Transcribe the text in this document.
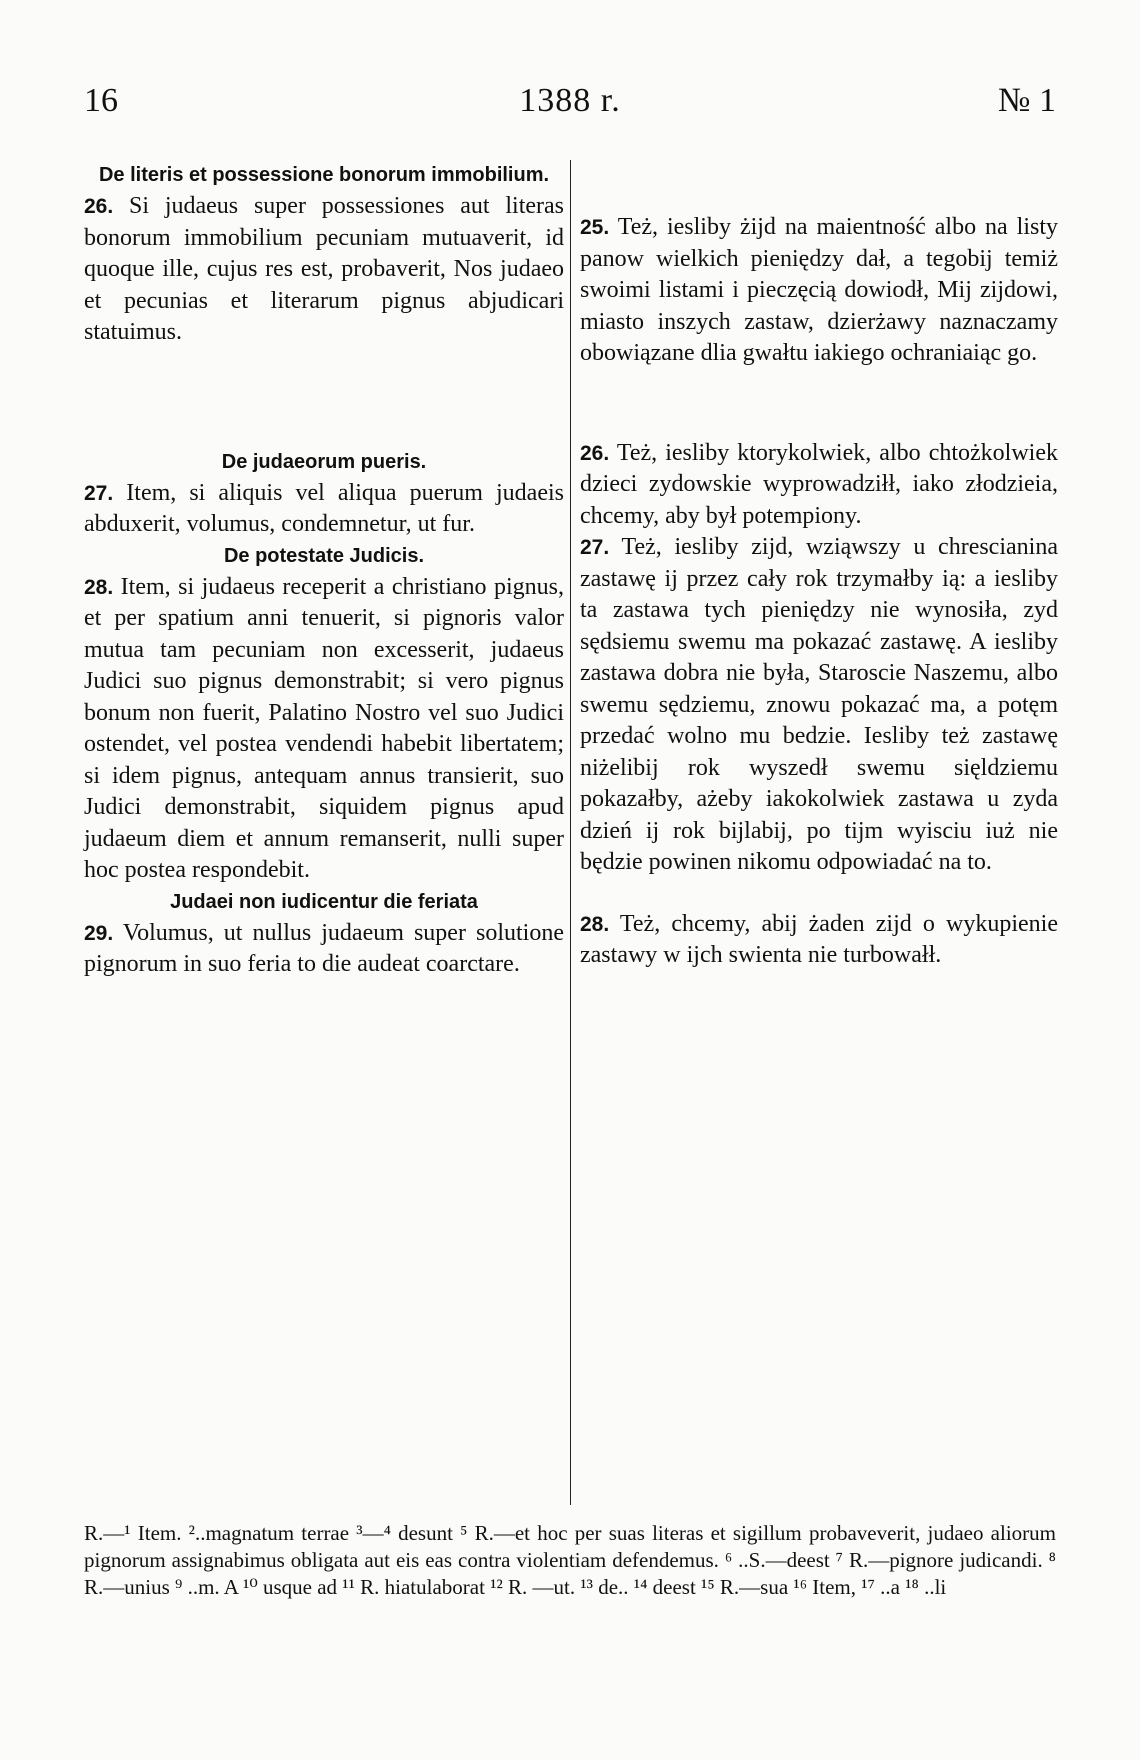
16	1388 r.	№ 1

De literis et possessione bonorum immobilium.

26. Si judaeus super possessiones aut literas bonorum immobilium pecuniam mutuaverit, id quoque ille, cujus res est, probaverit, Nos judaeo et pecunias et literarum pignus abjudicari statuimus.

De judaeorum pueris.

27. Item, si aliquis vel aliqua puerum judaeis abduxerit, volumus, condemnetur, ut fur.

De potestate Judicis.

28. Item, si judaeus receperit a christiano pignus, et per spatium anni tenuerit, si pignoris valor mutua tam pecuniam non excesserit, judaeus Judici suo pignus demonstrabit; si vero pignus bonum non fuerit, Palatino Nostro vel suo Judici ostendet, vel postea vendendi habebit libertatem; si idem pignus, antequam annus transierit, suo Judici demonstrabit, siquidem pignus apud judaeum diem et annum remanserit, nulli super hoc postea respondebit.

Judaei non iudicentur die feriata

29. Volumus, ut nullus judaeum super solutione pignorum in suo feria to die audeat coarctare.

25. Też, iesliby żijd na maientność albo na listy panow wielkich pieniędzy dał, a tegobij temiż swoimi listami i pieczęcią dowiodł, Mij zijdowi, miasto inszych zastaw, dzierżawy naznaczamy obowiązane dlia gwałtu iakiego ochraniaiąc go.

26. Też, iesliby ktorykolwiek, albo chtożkolwiek dzieci zydowskie wyprowadziłł, iako złodzieia, chcemy, aby był potempiony.

27. Też, iesliby zijd, wziąwszy u chrescianina zastawę ij przez cały rok trzymałby ią: a iesliby ta zastawa tych pieniędzy nie wynosiła, zyd sędsiemu swemu ma pokazać zastawę. A iesliby zastawa dobra nie była, Staroscie Naszemu, albo swemu sędziemu, znowu pokazać ma, a potęm przedać wolno mu bedzie. Iesliby też zastawę niżelibij rok wyszedł swemu sięldziemu pokazałby, ażeby iakokolwiek zastawa u zyda dzień ij rok bijlabij, po tijm wyisciu iuż nie będzie powinen nikomu odpowiadać na to.

28. Też, chcemy, abij żaden zijd o wykupienie zastawy w ijch swienta nie turbowałł.

R.—¹ Item. ²..magnatum terrae ³—⁴ desunt ⁵ R.—et hoc per suas literas et sigillum probaveverit, judaeo aliorum pignorum assignabimus obligata aut eis eas contra violentiam defendemus. ⁶ ..S.—deest ⁷ R.—pignore judicandi. ⁸ R.—unius ⁹ ..m. A ¹⁰ usque ad ¹¹ R. hiatulaborat ¹² R. —ut. ¹³ de.. ¹⁴ deest ¹⁵ R.—sua ¹⁶ Item, ¹⁷ ..a ¹⁸ ..li
